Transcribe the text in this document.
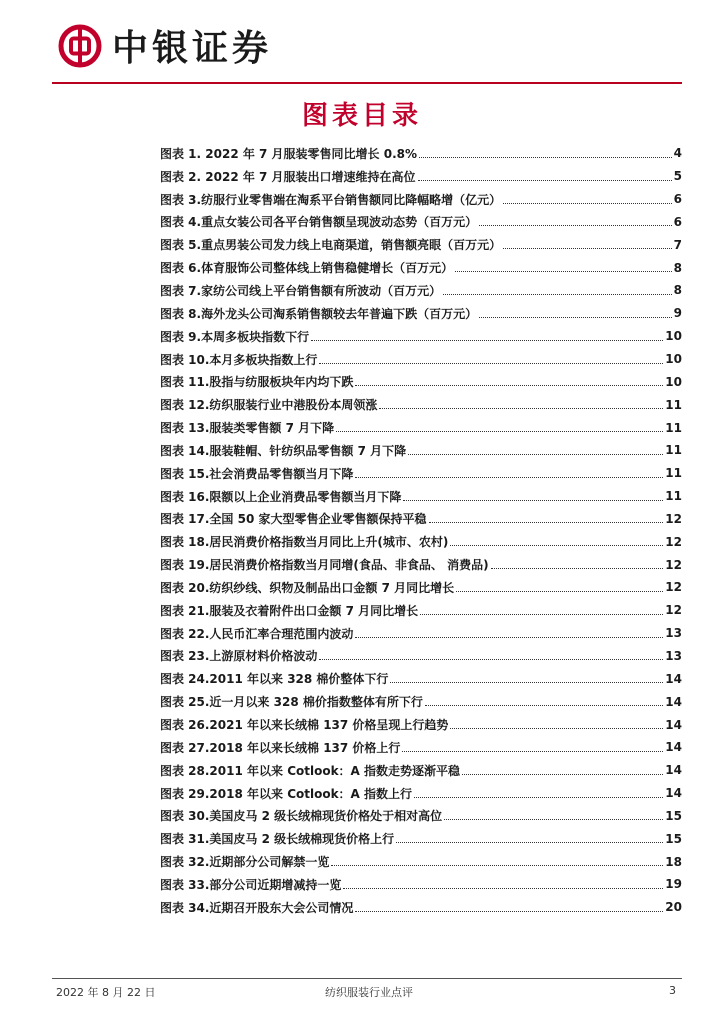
中银证券
图表目录
图表 1. 2022 年 7 月服装零售同比增长 0.8%	4
图表 2. 2022 年 7 月服装出口增速维持在高位	5
图表 3.纺服行业零售端在淘系平台销售额同比降幅略增（亿元）	6
图表 4.重点女装公司各平台销售额呈现波动态势（百万元）	6
图表 5.重点男装公司发力线上电商渠道，销售额亮眼（百万元）	7
图表 6.体育服饰公司整体线上销售稳健增长（百万元）	8
图表 7.家纺公司线上平台销售额有所波动（百万元）	8
图表 8.海外龙头公司淘系销售额较去年普遍下跌（百万元）	9
图表 9.本周多板块指数下行	10
图表 10.本月多板块指数上行	10
图表 11.股指与纺服板块年内均下跌	10
图表 12.纺织服装行业中港股份本周领涨	11
图表 13.服装类零售额 7 月下降	11
图表 14.服装鞋帽、针纺织品零售额 7 月下降	11
图表 15.社会消费品零售额当月下降	11
图表 16.限额以上企业消费品零售额当月下降	11
图表 17.全国 50 家大型零售企业零售额保持平稳	12
图表 18.居民消费价格指数当月同比上升(城市、农村)	12
图表 19.居民消费价格指数当月同增(食品、非食品、 消费品)	12
图表 20.纺织纱线、织物及制品出口金额 7 月同比增长	12
图表 21.服装及衣着附件出口金额 7 月同比增长	12
图表 22.人民币汇率合理范围内波动	13
图表 23.上游原材料价格波动	13
图表 24.2011 年以来 328 棉价整体下行	14
图表 25.近一月以来 328 棉价指数整体有所下行	14
图表 26.2021 年以来长绒棉 137 价格呈现上行趋势	14
图表 27.2018 年以来长绒棉 137 价格上行	14
图表 28.2011 年以来 Cotlook：A 指数走势逐渐平稳	14
图表 29.2018 年以来 Cotlook：A 指数上行	14
图表 30.美国皮马 2 级长绒棉现货价格处于相对高位	15
图表 31.美国皮马 2 级长绒棉现货价格上行	15
图表 32.近期部分公司解禁一览	18
图表 33.部分公司近期增减持一览	19
图表 34.近期召开股东大会公司情况	20
2022 年 8 月 22 日	纺织服装行业点评	3
